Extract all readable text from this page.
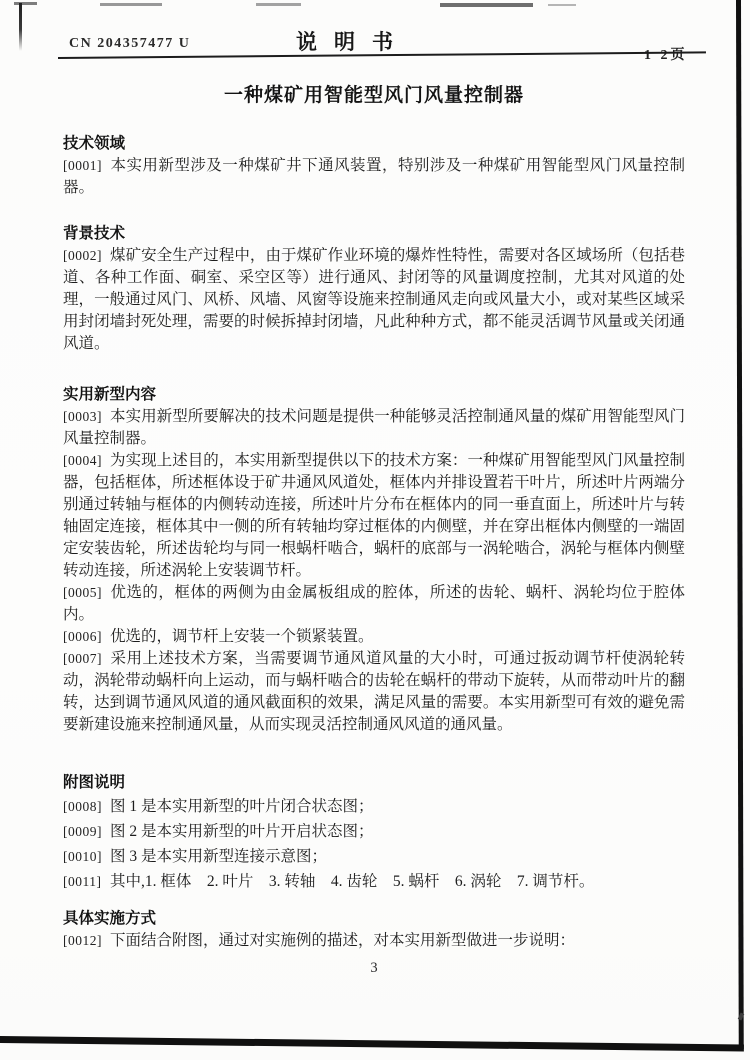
CN 204357477 U	说明书
1 2页
一种煤矿用智能型风门风量控制器
技术领域

[0001] 本实用新型涉及一种煤矿井下通风装置，特别涉及一种煤矿用智能型风门风量控制器。

背景技术

[0002] 煤矿安全生产过程中，由于煤矿作业环境的爆炸性特性，需要对各区域场所（包括巷道、各种工作面、硐室、采空区等）进行通风、封闭等的风量调度控制，尤其对风道的处理，一般通过风门、风桥、风墙、风窗等设施来控制通风走向或风量大小，或对某些区域采用封闭墙封死处理，需要的时候拆掉封闭墙，凡此种种方式，都不能灵活调节风量或关闭通风道。

实用新型内容

[0003] 本实用新型所要解决的技术问题是提供一种能够灵活控制通风量的煤矿用智能型风门风量控制器。

[0004] 为实现上述目的，本实用新型提供以下的技术方案：一种煤矿用智能型风门风量控制器，包括框体，所述框体设于矿井通风风道处，框体内并排设置若干叶片，所述叶片两端分别通过转轴与框体的内侧转动连接，所述叶片分布在框体内的同一垂直面上，所述叶片与转轴固定连接，框体其中一侧的所有转轴均穿过框体的内侧壁，并在穿出框体内侧壁的一端固定安装齿轮，所述齿轮均与同一根蜗杆啮合，蜗杆的底部与一涡轮啮合，涡轮与框体内侧壁转动连接，所述涡轮上安装调节杆。

[0005] 优选的，框体的两侧为由金属板组成的腔体，所述的齿轮、蜗杆、涡轮均位于腔体内。

[0006] 优选的，调节杆上安装一个锁紧装置。

[0007] 采用上述技术方案，当需要调节通风道风量的大小时，可通过扳动调节杆使涡轮转动，涡轮带动蜗杆向上运动，而与蜗杆啮合的齿轮在蜗杆的带动下旋转，从而带动叶片的翻转，达到调节通风风道的通风截面积的效果，满足风量的需要。本实用新型可有效的避免需要新建设施来控制通风量，从而实现灵活控制通风风道的通风量。

附图说明

[0008] 图 1 是本实用新型的叶片闭合状态图；

[0009] 图 2 是本实用新型的叶片开启状态图；

[0010] 图 3 是本实用新型连接示意图；

[0011] 其中,1. 框体　2. 叶片　3. 转轴　4. 齿轮　5. 蜗杆　6. 涡轮　7. 调节杆。

具体实施方式

[0012] 下面结合附图，通过对实施例的描述，对本实用新型做进一步说明：

3
